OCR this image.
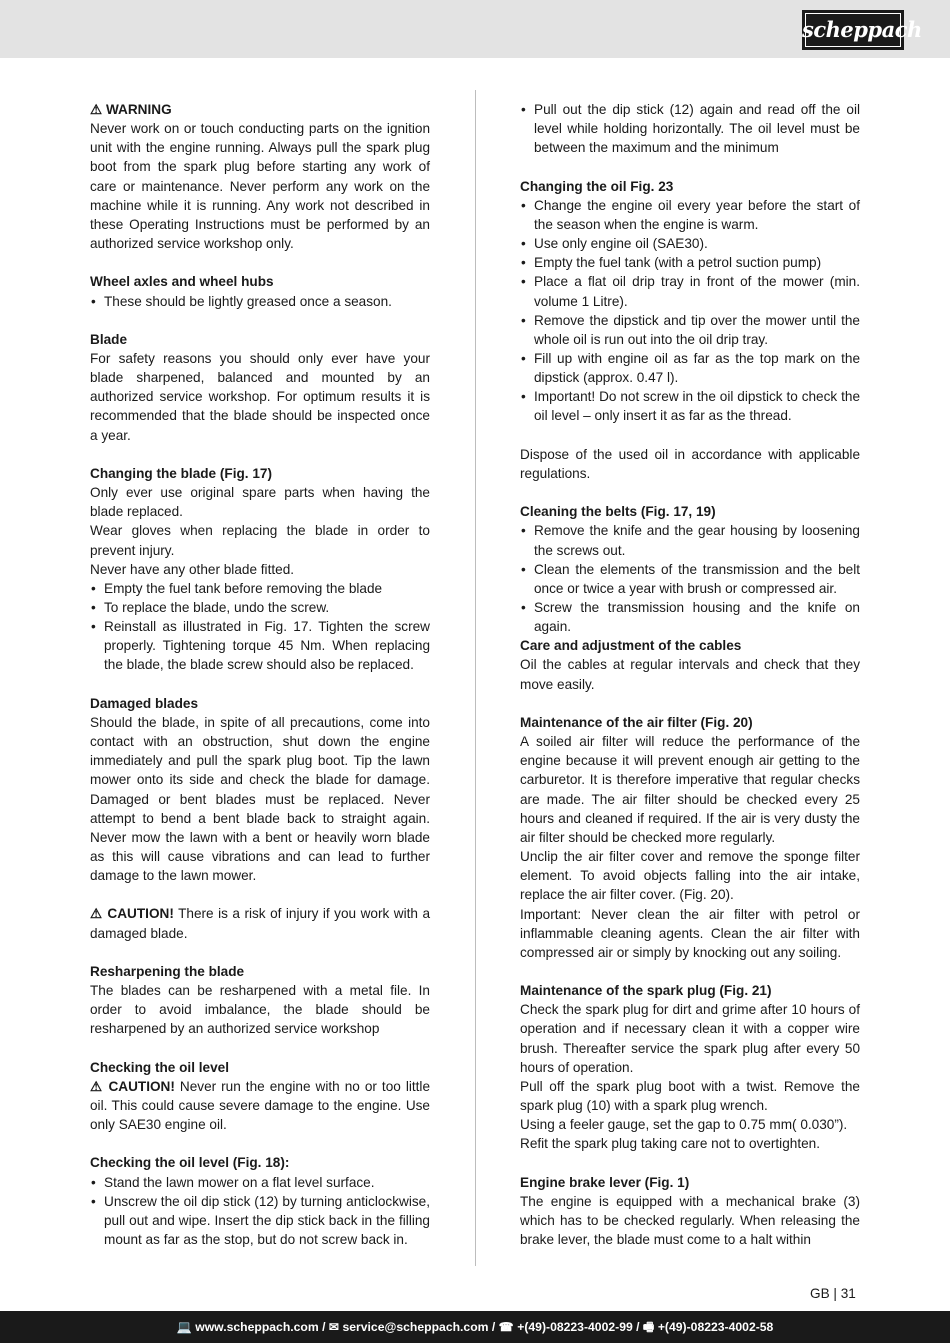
scheppach
⚠ WARNING

Never work on or touch conducting parts on the ignition unit with the engine running. Always pull the spark plug boot from the spark plug before starting any work of care or maintenance. Never perform any work on the machine while it is running. Any work not described in these Operating Instructions must be performed by an authorized service workshop only.

Wheel axles and wheel hubs
• These should be lightly greased once a season.
Blade

For safety reasons you should only ever have your blade sharpened, balanced and mounted by an authorized service workshop. For optimum results it is recommended that the blade should be inspected once a year.

Changing the blade (Fig. 17)

Only ever use original spare parts when having the blade replaced.

Wear gloves when replacing the blade in order to prevent injury.

Never have any other blade fitted.

• Empty the fuel tank before removing the blade
• To replace the blade, undo the screw.
• Reinstall as illustrated in Fig. 17. Tighten the screw properly. Tightening torque 45 Nm. When replacing the blade, the blade screw should also be replaced.
Damaged blades

Should the blade, in spite of all precautions, come into contact with an obstruction, shut down the engine immediately and pull the spark plug boot. Tip the lawn mower onto its side and check the blade for damage. Damaged or bent blades must be replaced. Never attempt to bend a bent blade back to straight again. Never mow the lawn with a bent or heavily worn blade as this will cause vibrations and can lead to further damage to the lawn mower.

⚠ CAUTION! There is a risk of injury if you work with a damaged blade.

Resharpening the blade

The blades can be resharpened with a metal file. In order to avoid imbalance, the blade should be resharpened by an authorized service workshop

Checking the oil level

⚠ CAUTION! Never run the engine with no or too little oil. This could cause severe damage to the engine. Use only SAE30 engine oil.

Checking the oil level (Fig. 18):
• Stand the lawn mower on a flat level surface.
• Unscrew the oil dip stick (12) by turning anticlockwise, pull out and wipe. Insert the dip stick back in the filling mount as far as the stop, but do not screw back in.
• Pull out the dip stick (12) again and read off the oil level while holding horizontally. The oil level must be between the maximum and the minimum
Changing the oil Fig. 23
• Change the engine oil every year before the start of the season when the engine is warm.
• Use only engine oil (SAE30).
• Empty the fuel tank (with a petrol suction pump)
• Place a flat oil drip tray in front of the mower (min. volume 1 Litre).
• Remove the dipstick and tip over the mower until the whole oil is run out into the oil drip tray.
• Fill up with engine oil as far as the top mark on the dipstick (approx. 0.47 l).
• Important! Do not screw in the oil dipstick to check the oil level – only insert it as far as the thread.

Dispose of the used oil in accordance with applicable regulations.

Cleaning the belts (Fig. 17, 19)
• Remove the knife and the gear housing by loosening the screws out.
• Clean the elements of the transmission and the belt once or twice a year with brush or compressed air.
• Screw the transmission housing and the knife on again.
Care and adjustment of the cables

Oil the cables at regular intervals and check that they move easily.

Maintenance of the air filter (Fig. 20)

A soiled air filter will reduce the performance of the engine because it will prevent enough air getting to the carburetor. It is therefore imperative that regular checks are made. The air filter should be checked every 25 hours and cleaned if required. If the air is very dusty the air filter should be checked more regularly.

Unclip the air filter cover and remove the sponge filter element. To avoid objects falling into the air intake, replace the air filter cover. (Fig. 20).

Important: Never clean the air filter with petrol or inflammable cleaning agents. Clean the air filter with compressed air or simply by knocking out any soiling.

Maintenance of the spark plug (Fig. 21)

Check the spark plug for dirt and grime after 10 hours of operation and if necessary clean it with a copper wire brush. Thereafter service the spark plug after every 50 hours of operation.

Pull off the spark plug boot with a twist. Remove the spark plug (10) with a spark plug wrench.

Using a feeler gauge, set the gap to 0.75 mm( 0.030”).

Refit the spark plug taking care not to overtighten.

Engine brake lever (Fig. 1)

The engine is equipped with a mechanical brake (3) which has to be checked regularly. When releasing the brake lever, the blade must come to a halt within

GB | 31
💻 www.scheppach.com / ✉ service@scheppach.com / ☎ +(49)-08223-4002-99 / 🖷 +(49)-08223-4002-58
